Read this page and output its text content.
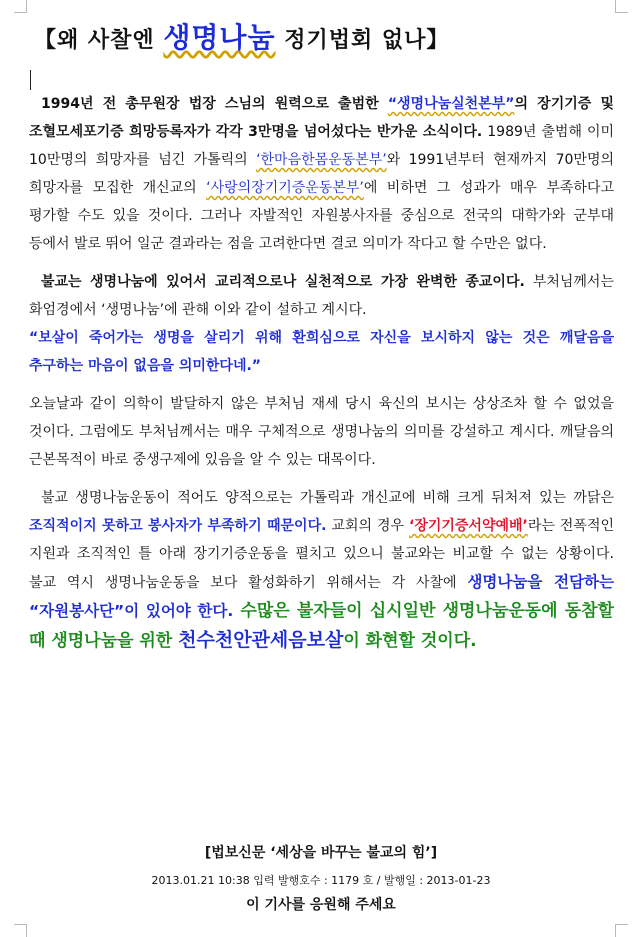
【왜 사찰엔 생명나눔 정기법회 없나】

1994년 전 총무원장 법장 스님의 원력으로 출범한 “생명나눔실천본부”의 장기기증 및 조혈모세포기증 희망등록자가 각각 3만명을 넘어섰다는 반가운 소식이다. 1989년 출범해 이미 10만명의 희망자를 넘긴 가톨릭의 ‘한마음한몸운동본부’와 1991년부터 현재까지 70만명의 희망자를 모집한 개신교의 ‘사랑의장기기증운동본부’에 비하면 그 성과가 매우 부족하다고 평가할 수도 있을 것이다. 그러나 자발적인 자원봉사자를 중심으로 전국의 대학가와 군부대 등에서 발로 뛰어 일군 결과라는 점을 고려한다면 결코 의미가 작다고 할 수만은 없다.

불교는 생명나눔에 있어서 교리적으로나 실천적으로 가장 완벽한 종교이다. 부처님께서는 화엄경에서 ‘생명나눔’에 관해 이와 같이 설하고 계시다.

“보살이 죽어가는 생명을 살리기 위해 환희심으로 자신을 보시하지 않는 것은 깨달음을 추구하는 마음이 없음을 의미한다네.”

오늘날과 같이 의학이 발달하지 않은 부처님 재세 당시 육신의 보시는 상상조차 할 수 없었을 것이다. 그럼에도 부처님께서는 매우 구체적으로 생명나눔의 의미를 강설하고 계시다. 깨달음의 근본목적이 바로 중생구제에 있음을 알 수 있는 대목이다.

불교 생명나눔운동이 적어도 양적으로는 가톨릭과 개신교에 비해 크게 뒤처져 있는 까닭은 조직적이지 못하고 봉사자가 부족하기 때문이다. 교회의 경우 ‘장기기증서약예배’라는 전폭적인 지원과 조직적인 틀 아래 장기기증운동을 펼치고 있으니 불교와는 비교할 수 없는 상황이다. 불교 역시 생명나눔운동을 보다 활성화하기 위해서는 각 사찰에 생명나눔을 전담하는 “자원봉사단”이 있어야 한다. 수많은 불자들이 십시일반 생명나눔운동에 동참할 때 생명나눔을 위한 천수천안관세음보살이 화현할 것이다.

[법보신문 ‘세상을 바꾸는 불교의 힘’]
2013.01.21 10:38 입력 발행호수 : 1179 호 / 발행일 : 2013-01-23
이 기사를 응원해 주세요
